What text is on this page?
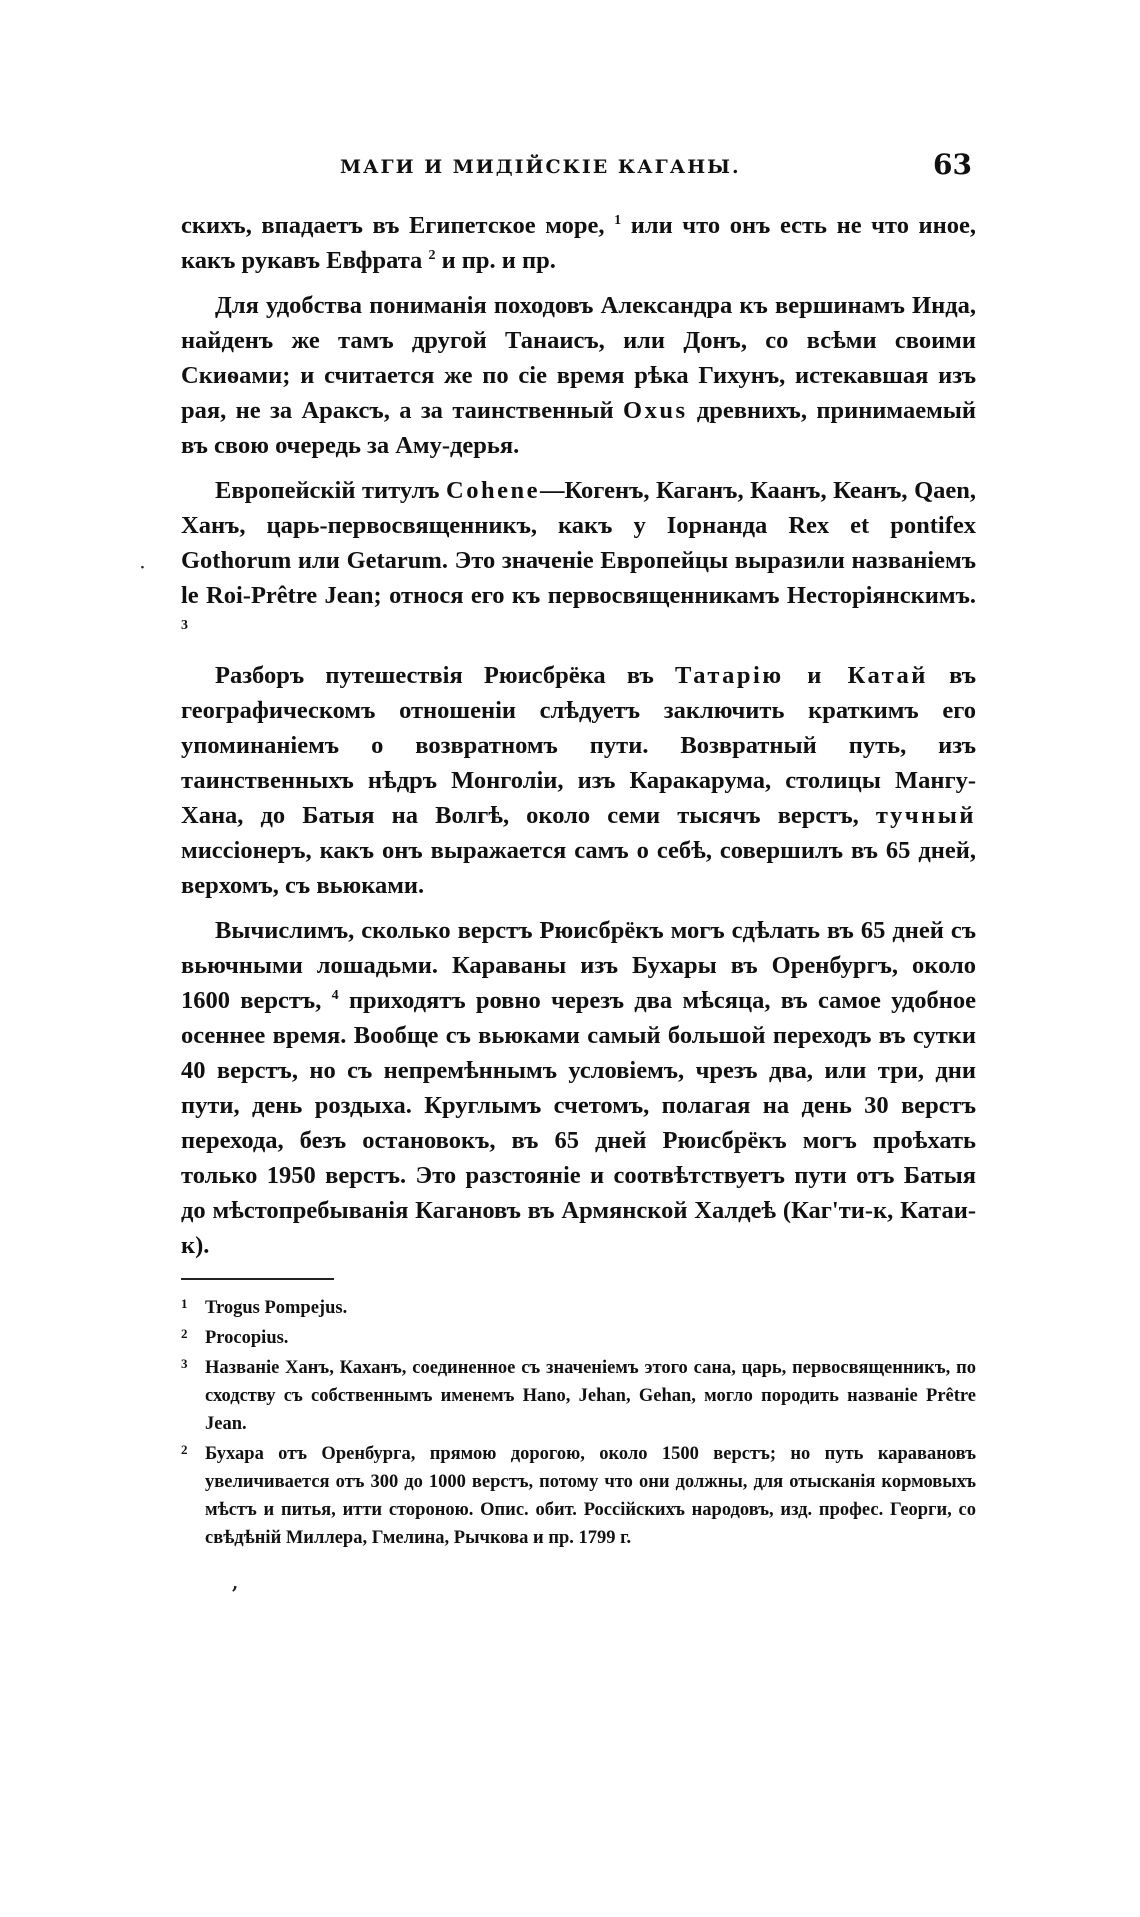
МАГИ И МИДІЙСКІЕ КАГАНЫ.	63

скихъ, впадаетъ въ Египетское море, $^1$ или что онъ есть не что иное, какъ рукавъ Евфрата $^2$ и пр. и пр.

Для удобства пониманія походовъ Александра къ вершинамъ Инда, найденъ же тамъ другой Танаисъ, или Донъ, со всѣми своими Скиѳами; и считается же по сіе время рѣка Гихунъ, истекавшая изъ рая, не за Араксъ, а за таинственный Oxus древнихъ, принимаемый въ свою очередь за Аму-дерья.

Европейскій титулъ Cohene—Когенъ, Каганъ, Каанъ, Кеанъ, Qaen, Ханъ, царь-первосвященникъ, какъ у Іорнанда Rex et pontifex Gothorum или Getarum. Это значеніе Европейцы выразили названіемъ le Roi-Prêtre Jean; относя его къ первосвященникамъ Несторіянскимъ. $^3$

Разборъ путешествія Рюисбрёка въ Татарію и Катай въ географическомъ отношеніи слѣдуетъ заключить краткимъ его упоминаніемъ о возвратномъ пути. Возвратный путь, изъ таинственныхъ нѣдръ Монголіи, изъ Каракарума, столицы Мангу-Хана, до Батыя на Волгѣ, около семи тысячъ верстъ, тучный миссіонеръ, какъ онъ выражается самъ о себѣ, совершилъ въ 65 дней, верхомъ, съ вьюками.

Вычислимъ, сколько верстъ Рюисбрёкъ могъ сдѣлать въ 65 дней съ вьючными лошадьми. Караваны изъ Бухары въ Оренбургъ, около 1600 верстъ, $^4$ приходятъ ровно черезъ два мѣсяца, въ самое удобное осеннее время. Вообще съ вьюками самый большой переходъ въ сутки 40 верстъ, но съ непремѣннымъ условіемъ, чрезъ два, или три, дни пути, день роздыха. Круглымъ счетомъ, полагая на день 30 верстъ перехода, безъ остановокъ, въ 65 дней Рюисбрёкъ могъ проѣхать только 1950 верстъ. Это разстояніе и соотвѣтствуетъ пути отъ Батыя до мѣстопребыванія Кагановъ въ Армянской Халдеѣ (Каг'ти-к, Катаи-к).

1 Trogus Pompejus.
2 Procopius.
3 Названіе Ханъ, Каханъ, соединенное съ значеніемъ этого сана, царь, первосвященникъ, по сходству съ собственнымъ именемъ Hano, Jehan, Gehan, могло породить названіе Prêtre Jean.
2 Бухара отъ Оренбурга, прямою дорогою, около 1500 верстъ; но путь каравановъ увеличивается отъ 300 до 1000 верстъ, потому что они должны, для отысканія кормовыхъ мѣстъ и питья, итти стороною. Опис. обит. Россійскихъ народовъ, изд. профес. Георги, со свѣдѣній Миллера, Гмелина, Рычкова и пр. 1799 г.
,
·
